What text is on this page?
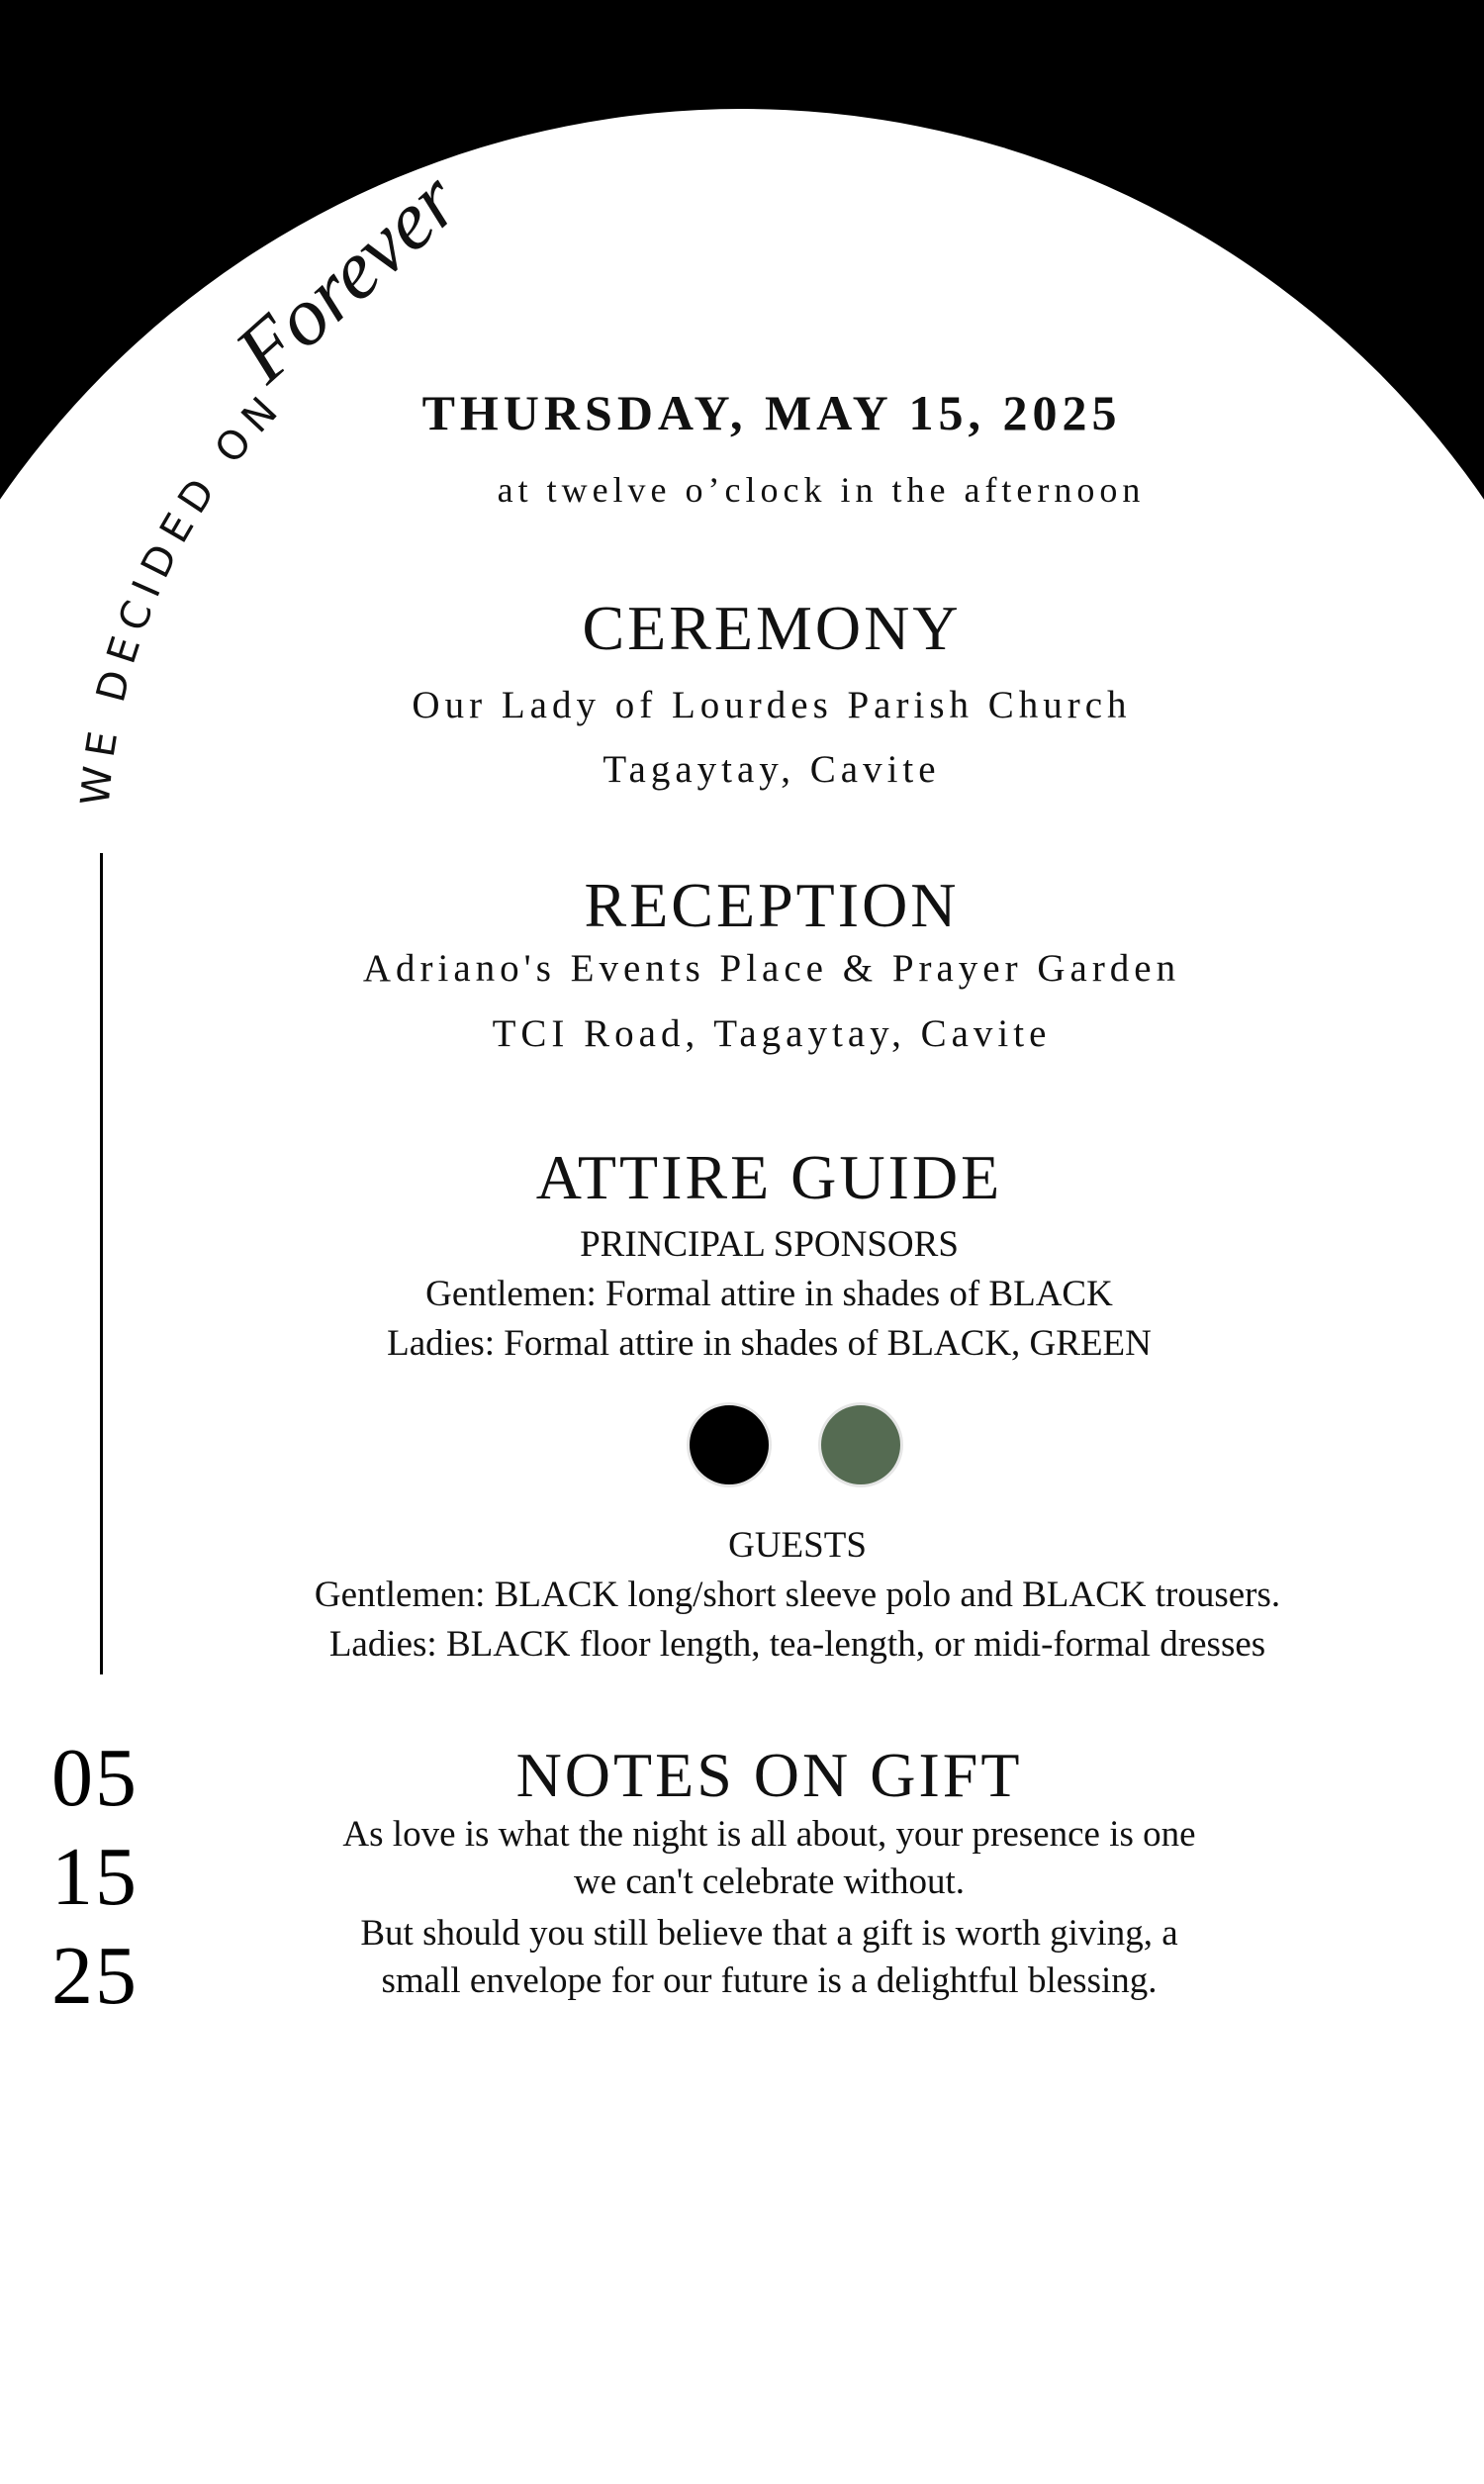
WE DECIDED ON
Forever
THURSDAY, MAY 15, 2025
at twelve o’clock in the afternoon
CEREMONY
Our Lady of Lourdes Parish Church
Tagaytay, Cavite
RECEPTION
Adriano's Events Place & Prayer Garden
TCI Road, Tagaytay, Cavite
ATTIRE GUIDE
PRINCIPAL SPONSORS
Gentlemen: Formal attire in shades of BLACK
Ladies: Formal attire in shades of BLACK, GREEN
GUESTS
Gentlemen: BLACK long/short sleeve polo and BLACK trousers.
Ladies: BLACK floor length, tea-length, or midi-formal dresses
NOTES ON GIFT
As love is what the night is all about, your presence is one
we can't celebrate without.
But should you still believe that a gift is worth giving, a
small envelope for our future is a delightful blessing.
05
15
25
